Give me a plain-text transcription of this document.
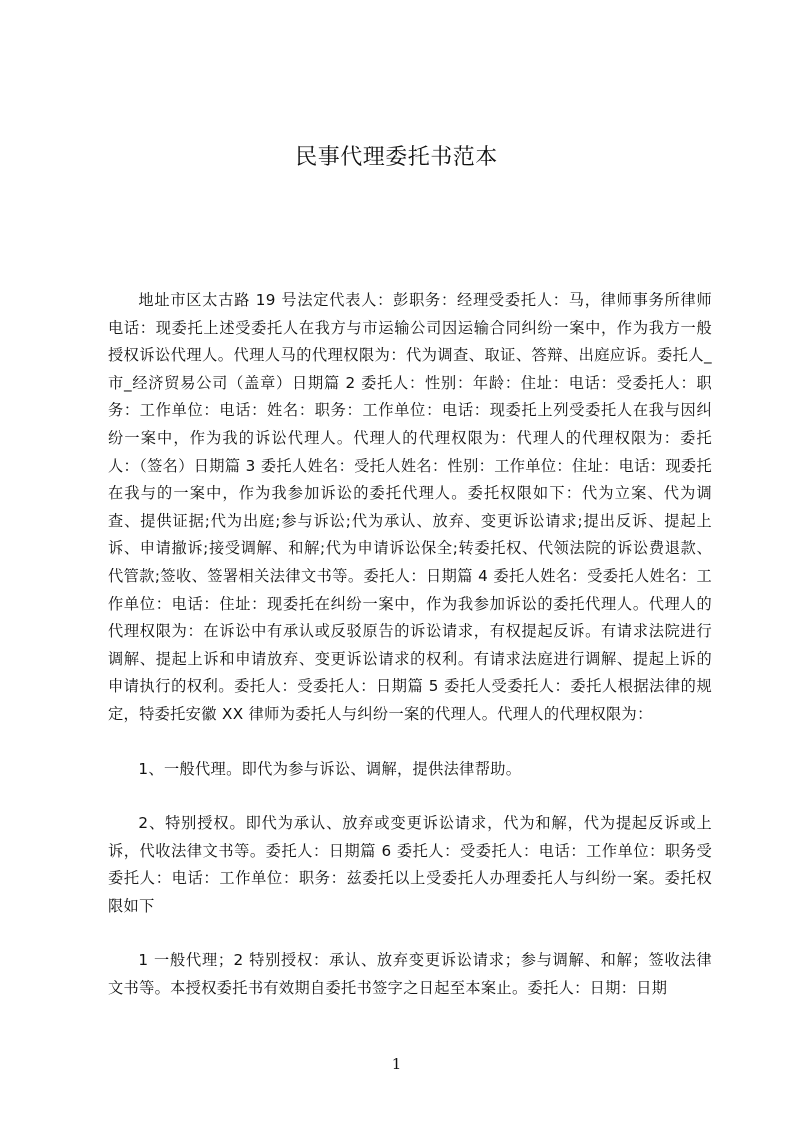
民事代理委托书范本

地址市区太古路 19 号法定代表人：彭职务：经理受委托人：马，律师事务所律师电话：现委托上述受委托人在我方与市运输公司因运输合同纠纷一案中，作为我方一般授权诉讼代理人。代理人马的代理权限为：代为调查、取证、答辩、出庭应诉。委托人_市_经济贸易公司（盖章）日期篇 2 委托人：性别：年龄：住址：电话：受委托人：职务：工作单位：电话：姓名：职务：工作单位：电话：现委托上列受委托人在我与因纠纷一案中，作为我的诉讼代理人。代理人的代理权限为：代理人的代理权限为：委托人：（签名）日期篇 3 委托人姓名：受托人姓名：性别：工作单位：住址：电话：现委托在我与的一案中，作为我参加诉讼的委托代理人。委托权限如下：代为立案、代为调查、提供证据;代为出庭;参与诉讼;代为承认、放弃、变更诉讼请求;提出反诉、提起上诉、申请撤诉;接受调解、和解;代为申请诉讼保全;转委托权、代领法院的诉讼费退款、代管款;签收、签署相关法律文书等。委托人：日期篇 4 委托人姓名：受委托人姓名：工作单位：电话：住址：现委托在纠纷一案中，作为我参加诉讼的委托代理人。代理人的代理权限为：在诉讼中有承认或反驳原告的诉讼请求，有权提起反诉。有请求法院进行调解、提起上诉和申请放弃、变更诉讼请求的权利。有请求法庭进行调解、提起上诉的申请执行的权利。委托人：受委托人：日期篇 5 委托人受委托人：委托人根据法律的规定，特委托安徽 XX 律师为委托人与纠纷一案的代理人。代理人的代理权限为：

1、一般代理。即代为参与诉讼、调解，提供法律帮助。

2、特别授权。即代为承认、放弃或变更诉讼请求，代为和解，代为提起反诉或上诉，代收法律文书等。委托人：日期篇 6 委托人：受委托人：电话：工作单位：职务受委托人：电话：工作单位：职务：兹委托以上受委托人办理委托人与纠纷一案。委托权限如下

1 一般代理；2 特别授权：承认、放弃变更诉讼请求；参与调解、和解；签收法律文书等。本授权委托书有效期自委托书签字之日起至本案止。委托人：日期：日期

1
